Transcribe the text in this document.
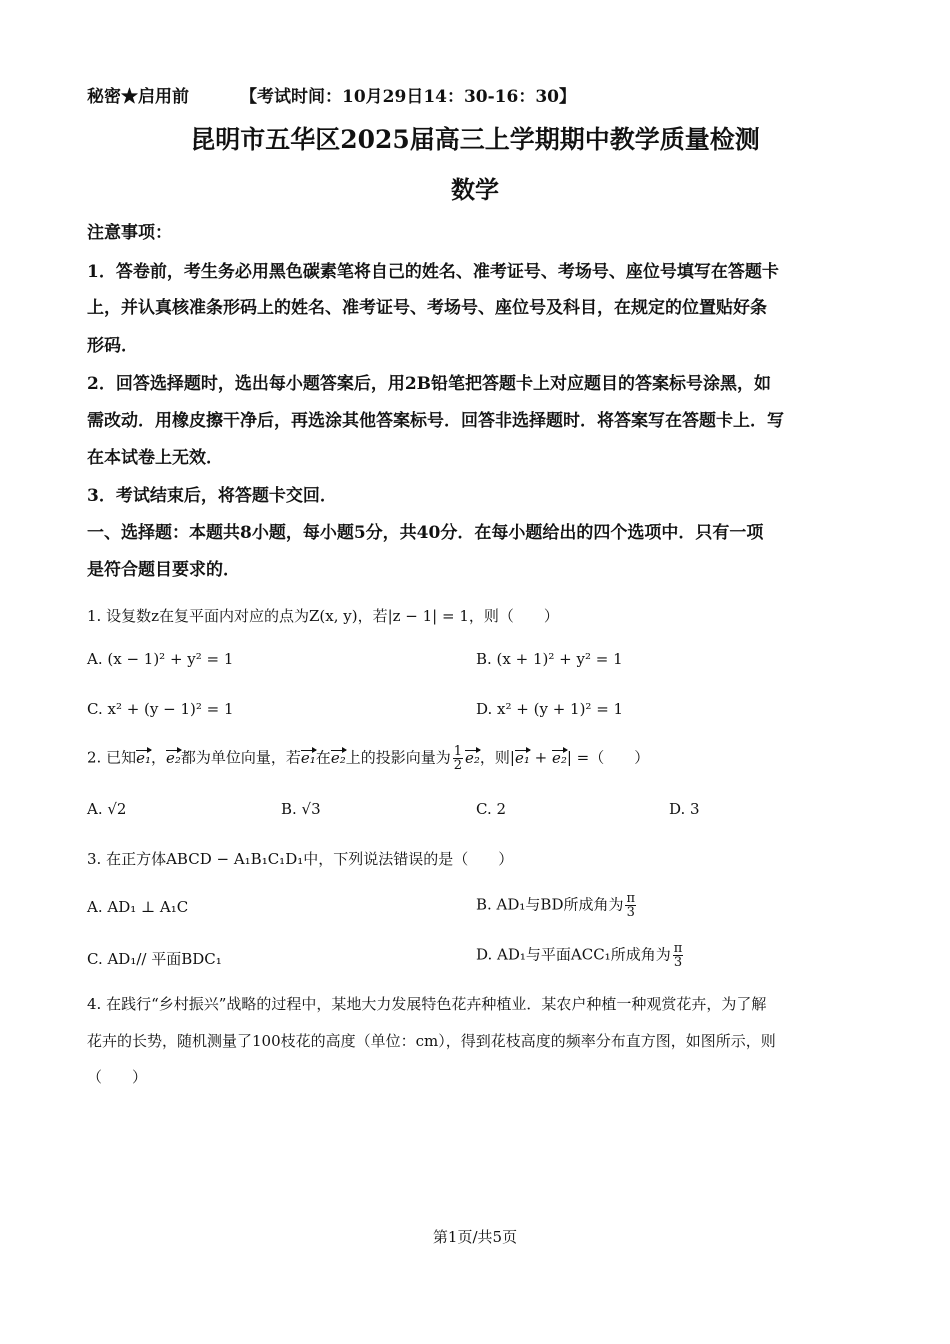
秘密★启用前	【考试时间：10月29日14：30-16：30】
昆明市五华区2025届高三上学期期中教学质量检测
数学
注意事项：
1．答卷前，考生务必用黑色碳素笔将自己的姓名、准考证号、考场号、座位号填写在答题卡
上，并认真核准条形码上的姓名、准考证号、考场号、座位号及科目，在规定的位置贴好条
形码．
2．回答选择题时，选出每小题答案后，用2B铅笔把答题卡上对应题目的答案标号涂黑，如
需改动．用橡皮擦干净后，再选涂其他答案标号．回答非选择题时．将答案写在答题卡上．写
在本试卷上无效．
3．考试结束后，将答题卡交回．
一、选择题：本题共8小题，每小题5分，共40分．在每小题给出的四个选项中．只有一项
是符合题目要求的．
1. 设复数z在复平面内对应的点为Z(x, y)，若|z − 1| = 1，则（　　）
A. (x − 1)² + y² = 1	B. (x + 1)² + y² = 1
C. x² + (y − 1)² = 1	D. x² + (y + 1)² = 1
2. 已知e₁，e₂都为单位向量，若e₁在e₂上的投影向量为 $\frac{1}{2} e_2$，则|e₁ + e₂| =（　　）
A. √2	B. √3	C. 2	D. 3
3. 在正方体ABCD − A₁B₁C₁D₁中，下列说法错误的是（　　）
A. AD₁ ⊥ A₁C	B. AD₁与BD所成角为 $\frac{\pi}{3}$
C. AD₁// 平面BDC₁	D. AD₁与平面ACC₁所成角为 $\frac{\pi}{3}$
4. 在践行“乡村振兴”战略的过程中，某地大力发展特色花卉种植业．某农户种植一种观赏花卉，为了解
花卉的长势，随机测量了100枝花的高度（单位：cm），得到花枝高度的频率分布直方图，如图所示，则
（　　）
第1页/共5页
